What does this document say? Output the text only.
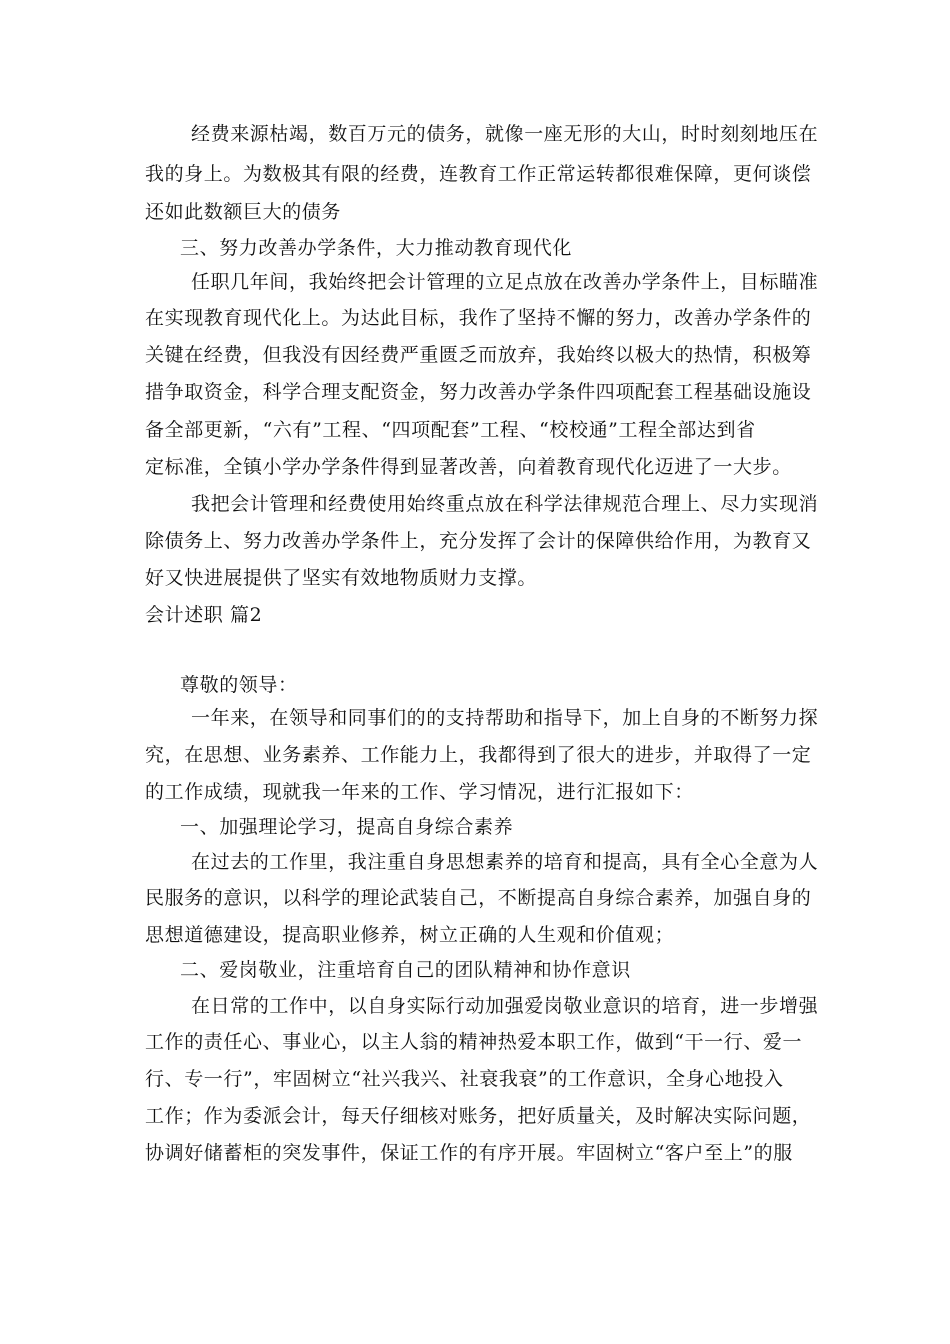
经费来源枯竭，数百万元的债务，就像一座无形的大山，时时刻刻地压在
我的身上。为数极其有限的经费，连教育工作正常运转都很难保障，更何谈偿
还如此数额巨大的债务
三、努力改善办学条件，大力推动教育现代化
任职几年间，我始终把会计管理的立足点放在改善办学条件上，目标瞄准
在实现教育现代化上。为达此目标，我作了坚持不懈的努力，改善办学条件的
关键在经费，但我没有因经费严重匮乏而放弃，我始终以极大的热情，积极筹
措争取资金，科学合理支配资金，努力改善办学条件四项配套工程基础设施设
备全部更新，“六有”工程、“四项配套”工程、“校校通”工程全部达到省
定标准，全镇小学办学条件得到显著改善，向着教育现代化迈进了一大步。
我把会计管理和经费使用始终重点放在科学法律规范合理上、尽力实现消
除债务上、努力改善办学条件上，充分发挥了会计的保障供给作用，为教育又
好又快进展提供了坚实有效地物质财力支撑。
会计述职 篇2
尊敬的领导：
一年来，在领导和同事们的的支持帮助和指导下，加上自身的不断努力探
究，在思想、业务素养、工作能力上，我都得到了很大的进步，并取得了一定
的工作成绩，现就我一年来的工作、学习情况，进行汇报如下：
一、加强理论学习，提高自身综合素养
在过去的工作里，我注重自身思想素养的培育和提高，具有全心全意为人
民服务的意识，以科学的理论武装自己，不断提高自身综合素养，加强自身的
思想道德建设，提高职业修养，树立正确的人生观和价值观；
二、爱岗敬业，注重培育自己的团队精神和协作意识
在日常的工作中，以自身实际行动加强爱岗敬业意识的培育，进一步增强
工作的责任心、事业心，以主人翁的精神热爱本职工作，做到“干一行、爱一
行、专一行”，牢固树立“社兴我兴、社衰我衰”的工作意识，全身心地投入
工作；作为委派会计，每天仔细核对账务，把好质量关，及时解决实际问题，
协调好储蓄柜的突发事件，保证工作的有序开展。牢固树立“客户至上”的服
